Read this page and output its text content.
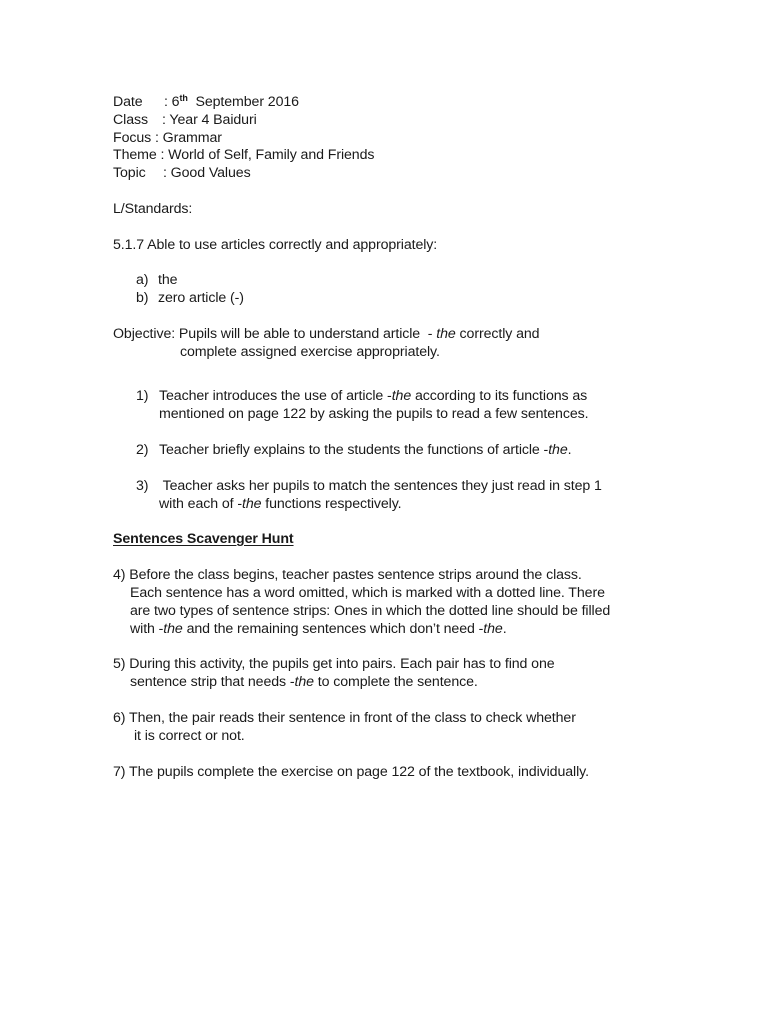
Date : 6th  September 2016
Class : Year 4 Baiduri
Focus : Grammar
Theme : World of Self, Family and Friends
Topic : Good Values
L/Standards:
5.1.7 Able to use articles correctly and appropriately:
a) the
b) zero article (-)
Objective: Pupils will be able to understand article  - the correctly and
complete assigned exercise appropriately.
1) Teacher introduces the use of article -the according to its functions as
mentioned on page 122 by asking the pupils to read a few sentences.
2) Teacher briefly explains to the students the functions of article -the.
3) Teacher asks her pupils to match the sentences they just read in step 1
with each of -the functions respectively.
Sentences Scavenger Hunt
4) Before the class begins, teacher pastes sentence strips around the class.
Each sentence has a word omitted, which is marked with a dotted line. There
are two types of sentence strips: Ones in which the dotted line should be filled
with -the and the remaining sentences which don’t need -the.
5) During this activity, the pupils get into pairs. Each pair has to find one
sentence strip that needs -the to complete the sentence.
6) Then, the pair reads their sentence in front of the class to check whether
it is correct or not.
7) The pupils complete the exercise on page 122 of the textbook, individually.
